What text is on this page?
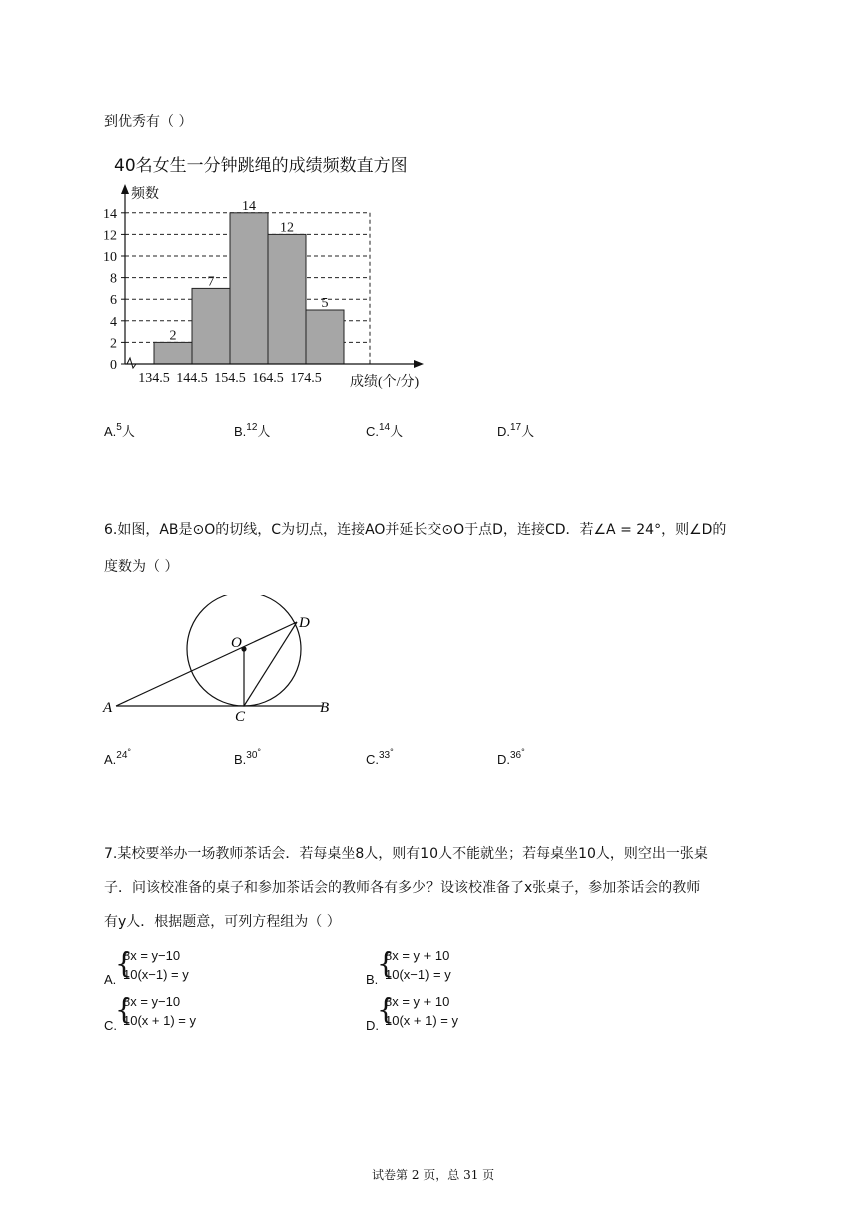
到优秀有（ ）
40名女生一分钟跳绳的成绩频数直方图
2
7
14
12
5
0
2
4
6
8
10
12
14
134.5 144.5 154.5 164.5 174.5
频数
成绩(个/分)
A.$^5$人	B.$^{12}$人	C.$^{14}$人	D.$^{17}$人
6.如图，AB是⊙O的切线，C为切点，连接AO并延长交⊙O于点D，连接CD．若∠A = 24°，则∠D的
度数为（ ）
A	B
C
D
O
A.$^{24^\circ}$	B.$^{30^\circ}$	C.$^{33^\circ}$	D.$^{36^\circ}$
7.某校要举办一场教师茶话会．若每桌坐8人，则有10人不能就坐；若每桌坐10人，则空出一张桌
子．问该校准备的桌子和参加茶话会的教师各有多少？设该校准备了x张桌子，参加茶话会的教师
有y人．根据题意，可列方程组为（ ）
A.
{
8x = y−10
10(x−1) = y	B.
{
8x = y + 10
10(x−1) = y
C.
{
8x = y−10
10(x + 1) = y	D.
{
8x = y + 10
10(x + 1) = y
试卷第 2 页，总 31 页
